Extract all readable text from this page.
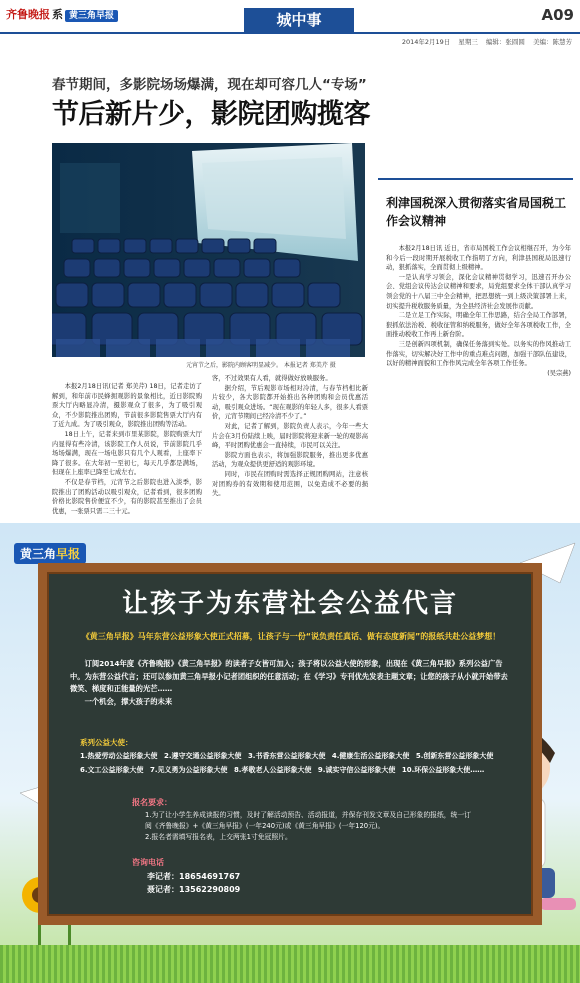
齐鲁晚报 系 黄三角早报	城中事	A09
2014年2月19日 星期三 编辑：张圆圆 美编：陈慧芳
春节期间，多影院场场爆满，现在却可容几人“专场”
节后新片少，影院团购揽客
元宵节之后，影院内顾客明显减少。 本报记者 郑美芹 摄

本报2月18日讯(记者 郑美芹) 18日，记者走访了解到，和年前市民蜂拥观影的景象相比，近日影院购票大厅内略显冷清，摄影观众了很多，为了吸引观众，不少影院推出团购，节前很多影院售票大厅内有了近九成。为了吸引观众，影院推出团购等活动。

18日上午，记者来到市里某影院，影院购票大厅内显得有些冷清，该影院工作人员说，节前影院几乎场场爆满，现在一场电影只有几个人观看，上座率下降了很多。在大年初一至初七，每天几乎都是满场，但现在上座率已降至七成左右。

不仅是春节档，元宵节之后影院也进入淡季，影院推出了团购活动以吸引观众，记者看到，很多团购价格比影院售价便宜不少，有的影院甚至推出了会员优惠，一张票只需二三十元。

客，不过效果有人看，就得做好放映服务。

据介绍，节后观影市场相对冷清，与春节档相比新片较少，各大影院都开始推出各种团购和会员优惠活动，吸引观众进场。“现在观影的年轻人多，很多人看票价，元宵节期间已经冷清不少了。”

对此，记者了解到，影院负责人表示，今年一些大片会在3月份陆续上映，届时影院将迎来新一轮的观影高峰，平时团购优惠会一直持续，市民可以关注。

影院方面也表示，将加强影院服务，推出更多优惠活动，为观众提供更舒适的观影环境。

同时，市民在团购时需选择正规团购网站，注意核对团购券的有效期和使用范围，以免造成不必要的损失。

利津国税深入贯彻落实省局国税工作会议精神

本报2月18日讯 近日，省市局国税工作会议相继召开，为今年和今后一段时期开展税收工作指明了方向，利津县国税局迅速行动，狠抓落实，全面贯彻上级精神。

一是认真学习领会，深化会议精神贯彻学习，迅速召开办公会、党组会议传达会议精神和要求，局党组要求全体干部认真学习领会党的十八届三中全会精神，把思想统一到上级决策部署上来，切实提升税收服务质量，为全县经济社会发展作贡献。

二是立足工作实际，明确全年工作思路，结合全局工作部署，狠抓依法治税、税收征管和纳税服务，做好全年各项税收工作，全面推动税收工作再上新台阶。

三是创新四项机制，确保任务落到实处。以务实的作风推动工作落实，切实解决好工作中的重点难点问题，加强干部队伍建设，以好的精神面貌和工作作风完成全年各项工作任务。

(吴宗燕)

黄三角早报
让孩子为东营社会公益代言
《黄三角早报》马年东营公益形象大使正式招募，让孩子与一份“说负责任真话、做有态度新闻”的报纸共赴公益梦想！

订阅2014年度《齐鲁晚报》《黄三角早报》的读者子女皆可加入；孩子将以公益大使的形象，出现在《黄三角早报》系列公益广告中。为东营公益代言；还可以参加黄三角早报小记者团组织的任意活动；在《学习》专刊优先发表主题文章；让您的孩子从小就开始带去微笑、梯度和正能量的光芒……

一个机会，撑大孩子的未来

系列公益大使：
1.热爱劳动公益形象大使 2.遵守交通公益形象大使 3.书香东营公益形象大使 4.健康生活公益形象大使 5.创新东营公益形象大使 6.文工公益形象大使 7.见义勇为公益形象大使 8.孝敬老人公益形象大使 9.诚实守信公益形象大使 10.环保公益形象大使……
报名要求：
1.为了让小学生养成读报的习惯，及时了解活动预告、活动报道，并保存刊发文章及自己形象的报纸，统一订阅《齐鲁晚报》+《黄三角早报》(一年240元)或《黄三角早报》(一年120元)。
2.报名者需填写报名表，上交两张1寸免冠照片。
咨询电话
李记者：18654691767
聂记者：13562290809
